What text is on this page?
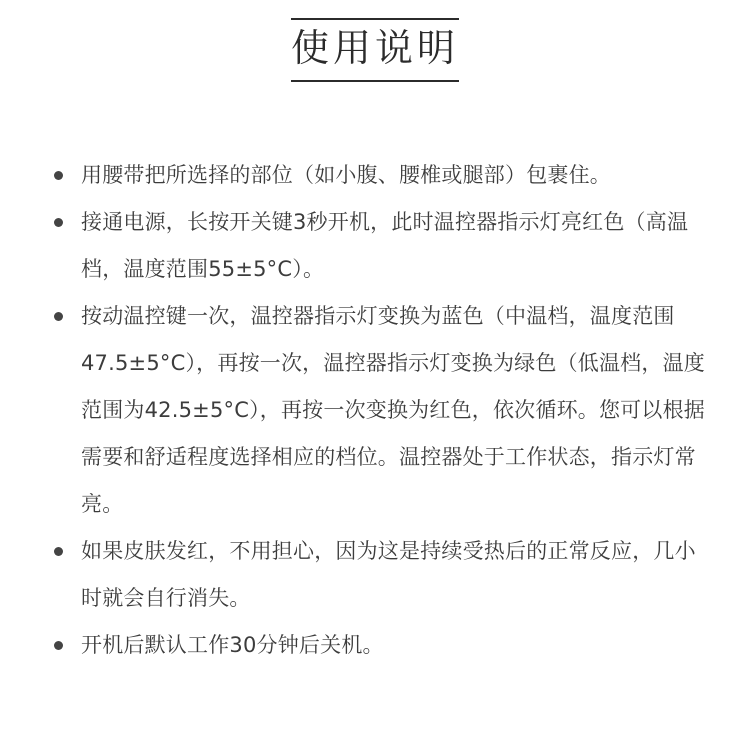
使用说明
用腰带把所选择的部位（如小腹、腰椎或腿部）包裹住。
接通电源，长按开关键3秒开机，此时温控器指示灯亮红色（高温档，温度范围55±5°C）。
按动温控键一次，温控器指示灯变换为蓝色（中温档，温度范围47.5±5°C），再按一次，温控器指示灯变换为绿色（低温档，温度范围为42.5±5°C），再按一次变换为红色，依次循环。您可以根据需要和舒适程度选择相应的档位。温控器处于工作状态，指示灯常亮。
如果皮肤发红，不用担心，因为这是持续受热后的正常反应，几小时就会自行消失。
开机后默认工作30分钟后关机。
